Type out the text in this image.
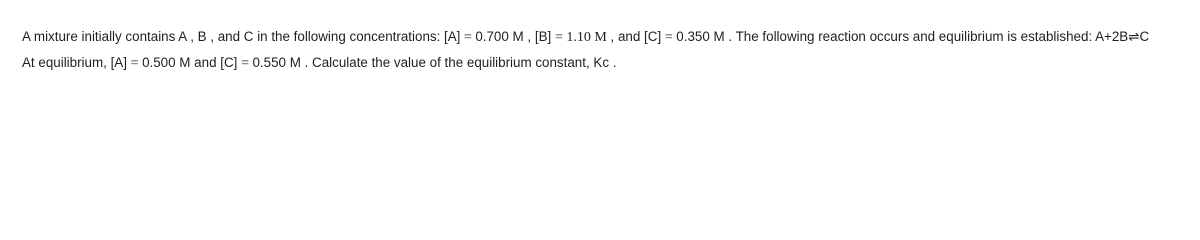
A mixture initially contains A , B , and C in the following concentrations: [A] = 0.700 M , [B] = 1.10 M , and [C] = 0.350 M . The following reaction occurs and equilibrium is established: A+2B⇌C
At equilibrium, [A] = 0.500 M and [C] = 0.550 M . Calculate the value of the equilibrium constant, Kc .
